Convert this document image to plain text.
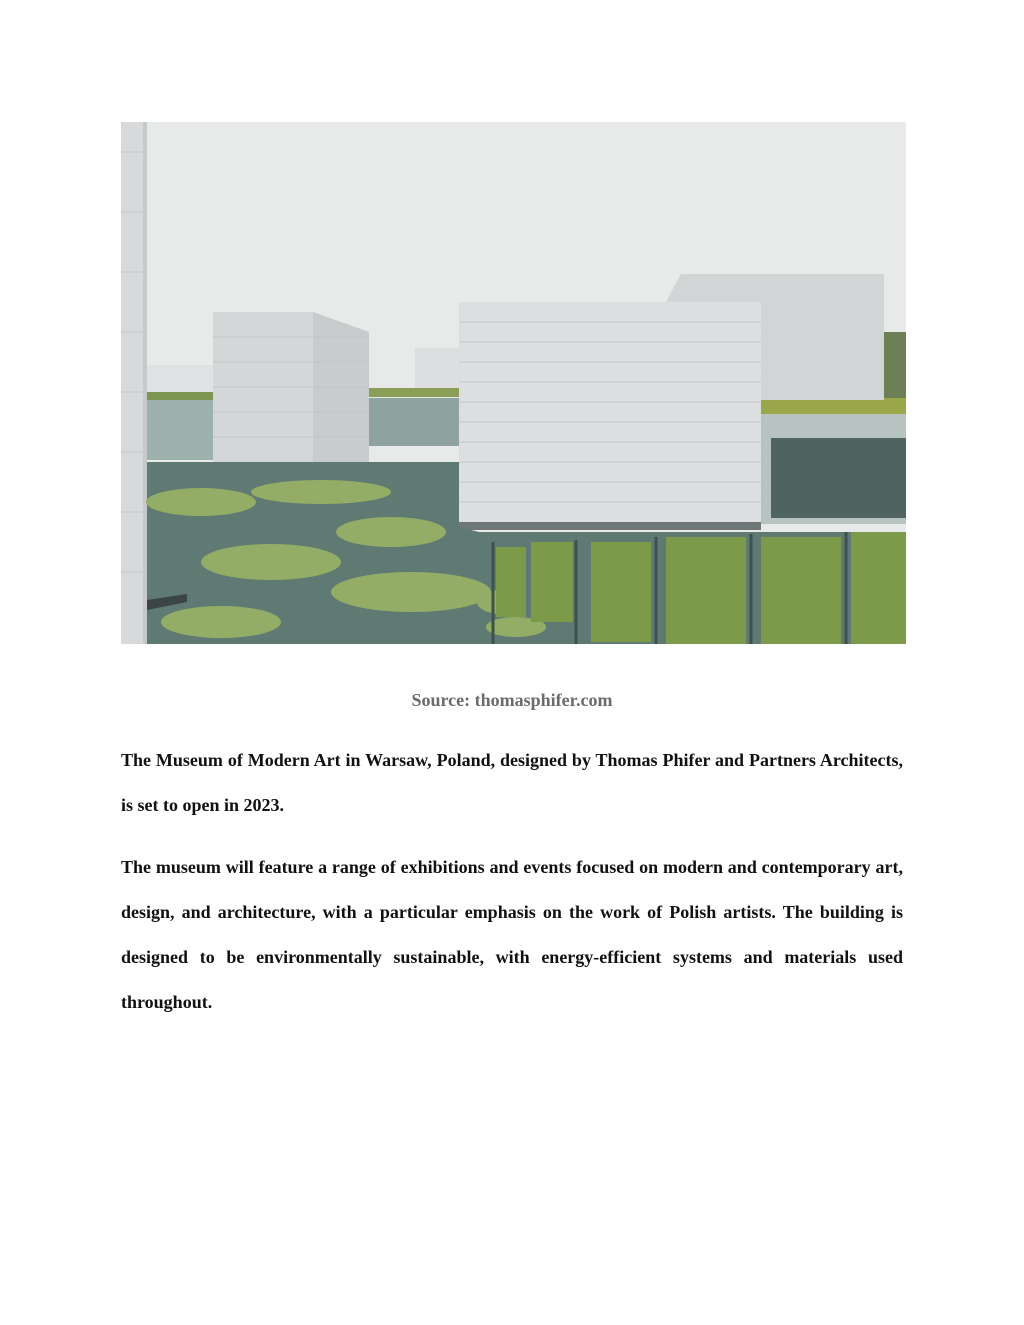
Source: thomasphifer.com

The Museum of Modern Art in Warsaw, Poland, designed by Thomas Phifer and Partners Architects, is set to open in 2023.

The museum will feature a range of exhibitions and events focused on modern and contemporary art, design, and architecture, with a particular emphasis on the work of Polish artists. The building is designed to be environmentally sustainable, with energy-efficient systems and materials used throughout.
